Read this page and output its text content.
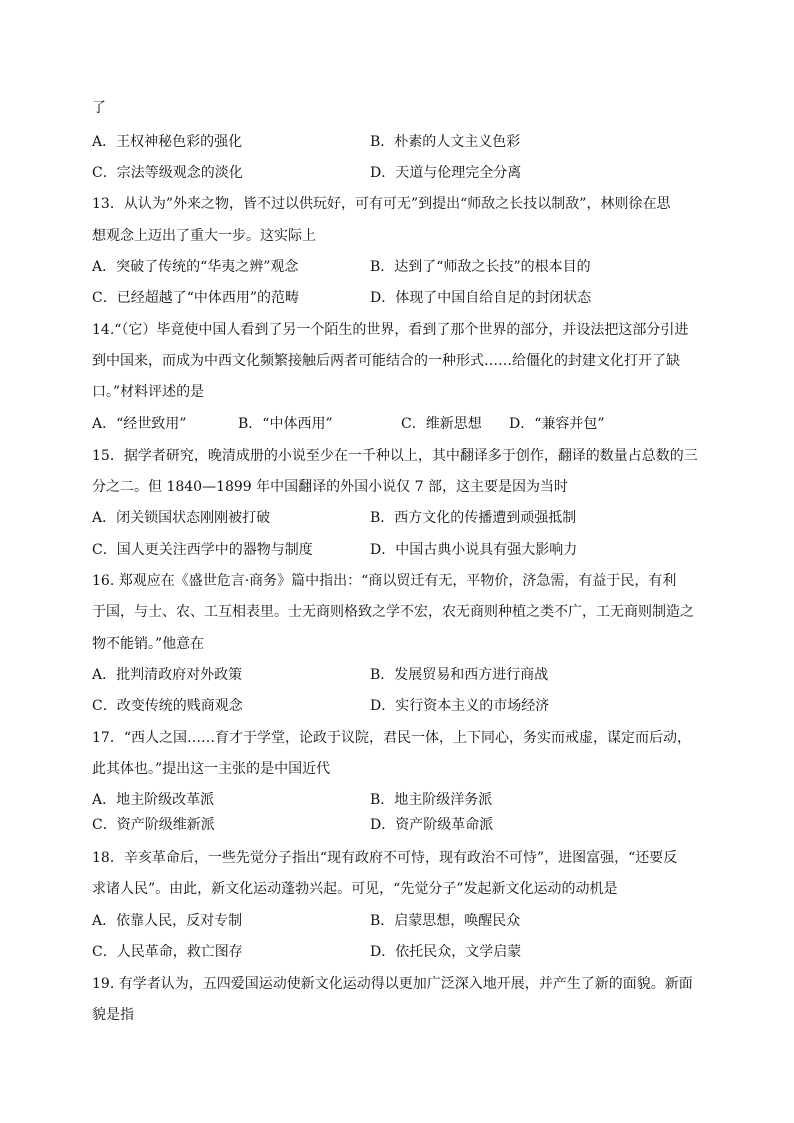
了
A．王权神秘色彩的强化	B．朴素的人文主义色彩
C．宗法等级观念的淡化	D．天道与伦理完全分离
13．从认为”外来之物，皆不过以供玩好，可有可无”到提出“师敌之长技以制敌”，林则徐在思
想观念上迈出了重大一步。这实际上
A．突破了传统的“华夷之辨”观念	B．达到了“师敌之长技”的根本目的
C．已经超越了“中体西用”的范畴	D．体现了中国自给自足的封闭状态
14.“（它）毕竟使中国人看到了另一个陌生的世界，看到了那个世界的部分，并设法把这部分引进
到中国来，而成为中西文化频繁接触后两者可能结合的一种形式……给僵化的封建文化打开了缺
口。”材料评述的是
A．“经世致用”	B．“中体西用”	C．维新思想 D．“兼容并包”
15．据学者研究，晚清成册的小说至少在一千种以上，其中翻译多于创作，翻译的数量占总数的三
分之二。但 1840—1899 年中国翻译的外国小说仅 7 部，这主要是因为当时
A．闭关锁国状态刚刚被打破	B．西方文化的传播遭到顽强抵制
C．国人更关注西学中的器物与制度	D．中国古典小说具有强大影响力
16. 郑观应在《盛世危言·商务》篇中指出：“商以贸迁有无，平物价，济急需，有益于民，有利
于国，与士、农、工互相表里。士无商则格致之学不宏，农无商则种植之类不广，工无商则制造之
物不能销。”他意在
A．批判清政府对外政策	B．发展贸易和西方进行商战
C．改变传统的贱商观念	D．实行资本主义的市场经济
17．“西人之国……育才于学堂，论政于议院，君民一体，上下同心，务实而戒虚，谋定而后动，
此其体也。”提出这一主张的是中国近代
A．地主阶级改革派	B．地主阶级洋务派
C．资产阶级维新派	D．资产阶级革命派
18．辛亥革命后，一些先觉分子指出“现有政府不可恃，现有政治不可恃”，进图富强，“还要反
求诸人民”。由此，新文化运动蓬勃兴起。可见，“先觉分子”发起新文化运动的动机是
A．依靠人民，反对专制	B．启蒙思想，唤醒民众
C．人民革命，救亡图存	D．依托民众，文学启蒙
19. 有学者认为，五四爱国运动使新文化运动得以更加广泛深入地开展，并产生了新的面貌。新面
貌是指
